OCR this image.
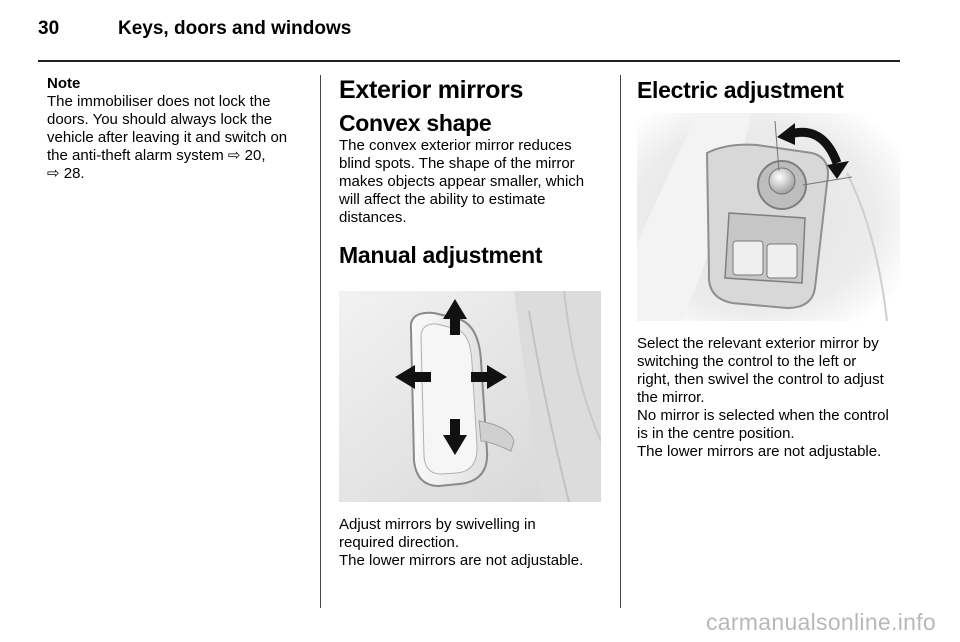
30	Keys, doors and windows

Note

The immobiliser does not lock the

doors. You should always lock the

vehicle after leaving it and switch on

the anti-theft alarm system ⇨ 20,

⇨ 28.

Exterior mirrors
Convex shape

The convex exterior mirror reduces

blind spots. The shape of the mirror

makes objects appear smaller, which

will affect the ability to estimate

distances.

Manual adjustment

Adjust mirrors by swivelling in

required direction.

The lower mirrors are not adjustable.

Electric adjustment

Select the relevant exterior mirror by

switching the control to the left or

right, then swivel the control to adjust

the mirror.

No mirror is selected when the control

is in the centre position.

The lower mirrors are not adjustable.

carmanualsonline.info
